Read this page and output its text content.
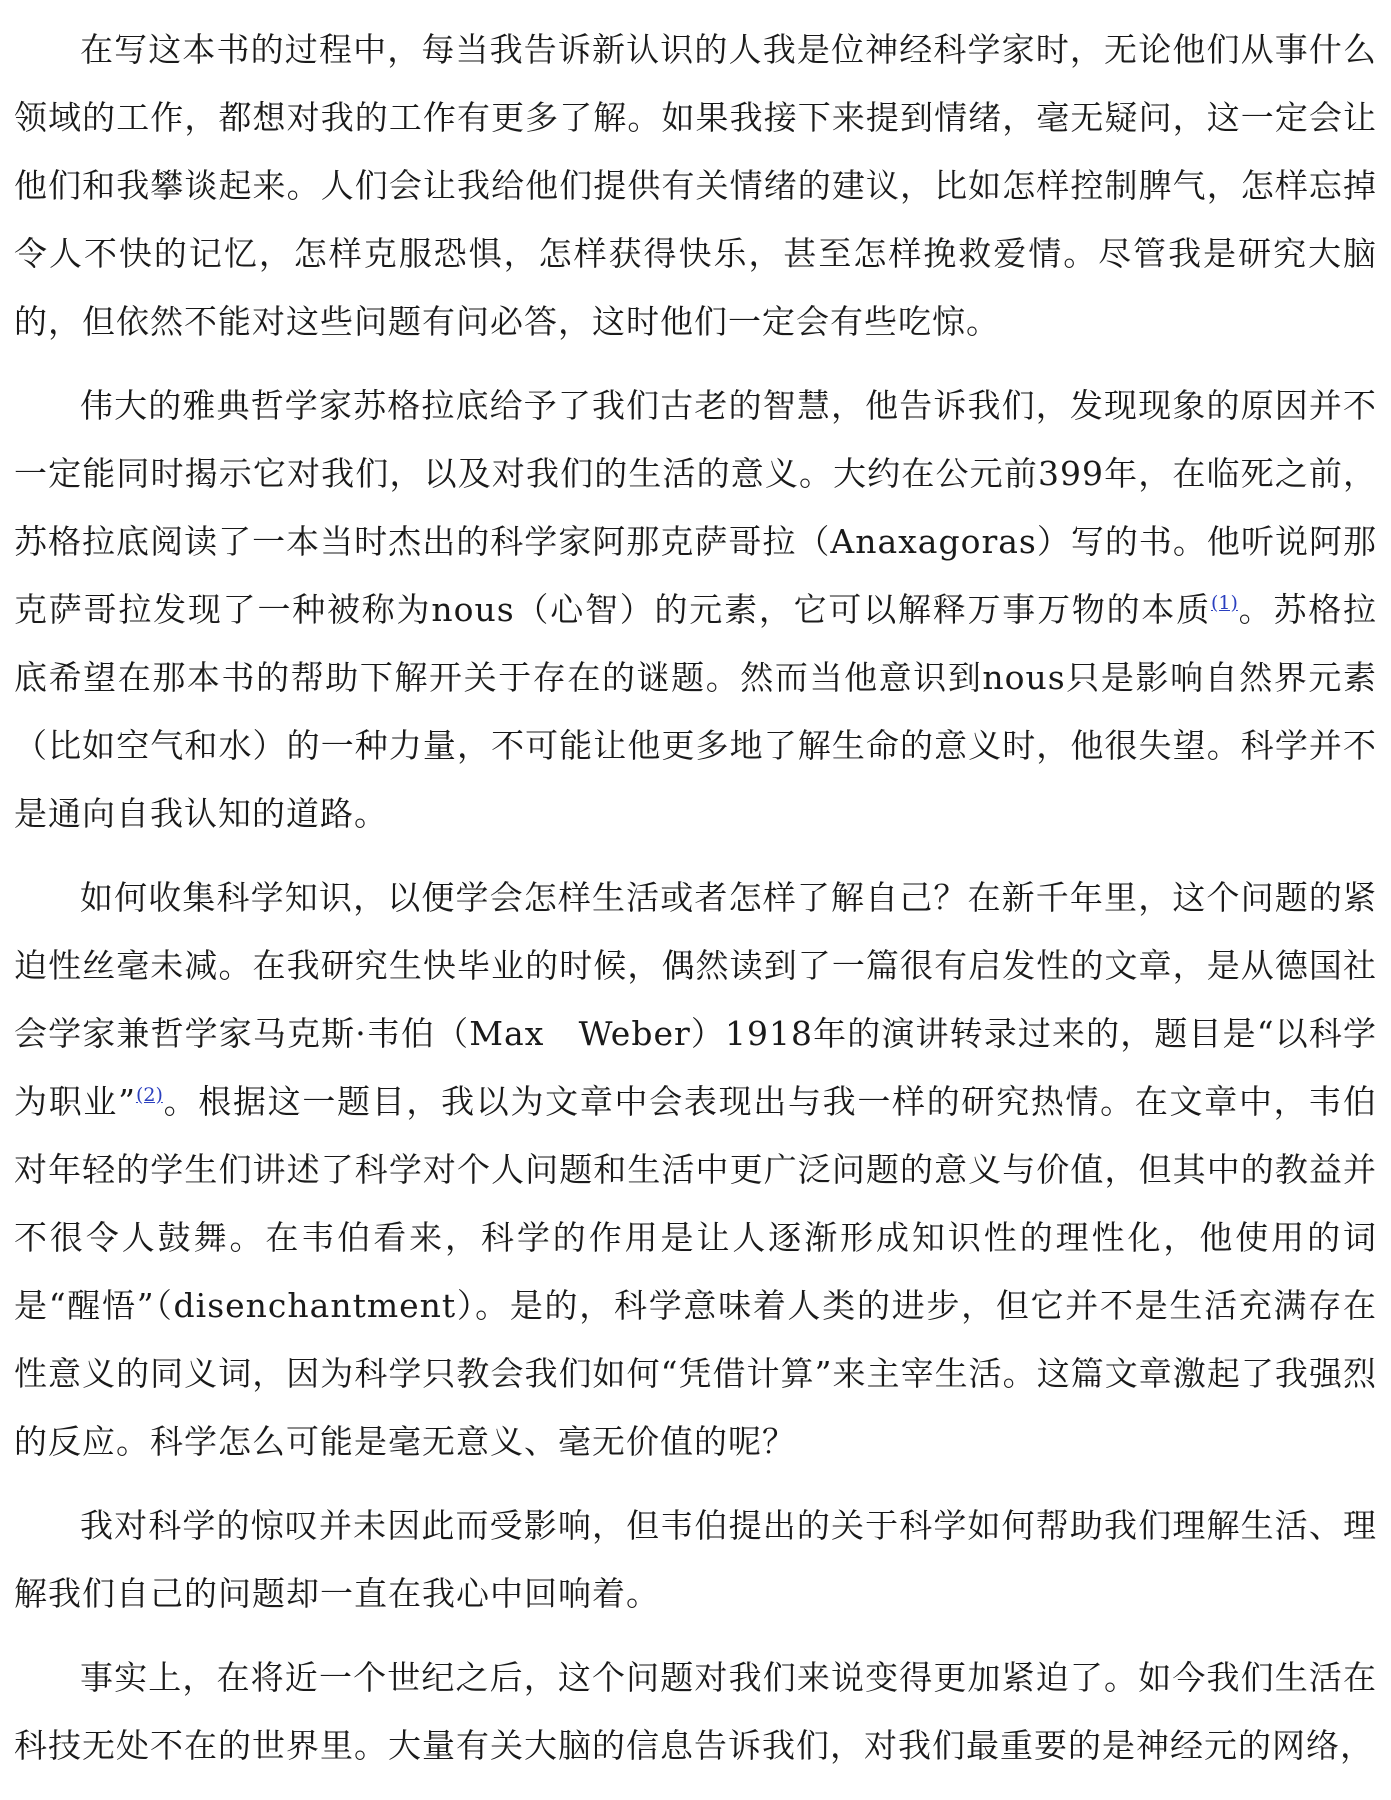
在写这本书的过程中，每当我告诉新认识的人我是位神经科学家时，无论他们从事什么领域的工作，都想对我的工作有更多了解。如果我接下来提到情绪，毫无疑问，这一定会让他们和我攀谈起来。人们会让我给他们提供有关情绪的建议，比如怎样控制脾气，怎样忘掉令人不快的记忆，怎样克服恐惧，怎样获得快乐，甚至怎样挽救爱情。尽管我是研究大脑的，但依然不能对这些问题有问必答，这时他们一定会有些吃惊。

伟大的雅典哲学家苏格拉底给予了我们古老的智慧，他告诉我们，发现现象的原因并不一定能同时揭示它对我们，以及对我们的生活的意义。大约在公元前399年，在临死之前，苏格拉底阅读了一本当时杰出的科学家阿那克萨哥拉（Anaxagoras）写的书。他听说阿那克萨哥拉发现了一种被称为nous（心智）的元素，它可以解释万事万物的本质$^{(1)}$。苏格拉底希望在那本书的帮助下解开关于存在的谜题。然而当他意识到nous只是影响自然界元素（比如空气和水）的一种力量，不可能让他更多地了解生命的意义时，他很失望。科学并不是通向自我认知的道路。

如何收集科学知识，以便学会怎样生活或者怎样了解自己？在新千年里，这个问题的紧迫性丝毫未减。在我研究生快毕业的时候，偶然读到了一篇很有启发性的文章，是从德国社会学家兼哲学家马克斯·韦伯（Max　Weber）1918年的演讲转录过来的，题目是“以科学为职业”$^{(2)}$。根据这一题目，我以为文章中会表现出与我一样的研究热情。在文章中，韦伯对年轻的学生们讲述了科学对个人问题和生活中更广泛问题的意义与价值，但其中的教益并不很令人鼓舞。在韦伯看来，科学的作用是让人逐渐形成知识性的理性化，他使用的词是“醒悟”（disenchantment）。是的，科学意味着人类的进步，但它并不是生活充满存在性意义的同义词，因为科学只教会我们如何“凭借计算”来主宰生活。这篇文章激起了我强烈的反应。科学怎么可能是毫无意义、毫无价值的呢？

我对科学的惊叹并未因此而受影响，但韦伯提出的关于科学如何帮助我们理解生活、理解我们自己的问题却一直在我心中回响着。

事实上，在将近一个世纪之后，这个问题对我们来说变得更加紧迫了。如今我们生活在科技无处不在的世界里。大量有关大脑的信息告诉我们，对我们最重要的是神经元的网络，
